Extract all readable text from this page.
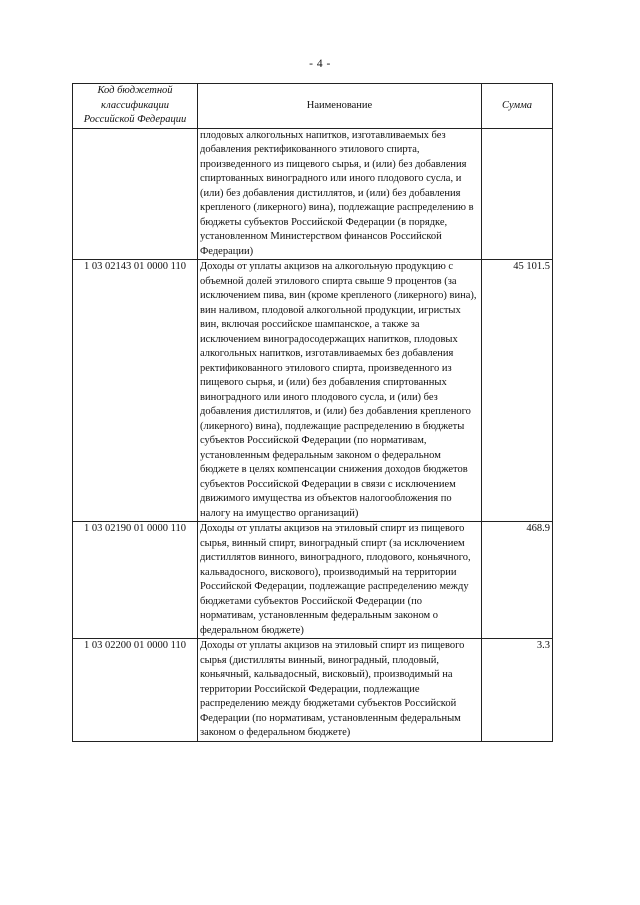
- 4 -
Код бюджетной
классификации
Российской Федерации	Наименование	Сумма
	плодовых алкогольных напитков, изготавливаемых без добавления ректификованного этилового спирта, произведенного из пищевого сырья, и (или) без добавления спиртованных виноградного или иного плодового сусла, и (или) без добавления дистиллятов, и (или) без добавления крепленого (ликерного) вина), подлежащие распределению в бюджеты субъектов Российской Федерации (в порядке, установленном Министерством финансов Российской Федерации)	
1 03 02143 01 0000 110	Доходы от уплаты акцизов на алкогольную продукцию с объемной долей этилового спирта свыше 9 процентов (за исключением пива, вин (кроме крепленого (ликерного) вина), вин наливом, плодовой алкогольной продукции, игристых вин, включая российское шампанское, а также за исключением виноградосодержащих напитков, плодовых алкогольных напитков, изготавливаемых без добавления ректификованного этилового спирта, произведенного из пищевого сырья, и (или) без добавления спиртованных виноградного или иного плодового сусла, и (или) без добавления дистиллятов, и (или) без добавления крепленого (ликерного) вина), подлежащие распределению в бюджеты субъектов Российской Федерации (по нормативам, установленным федеральным законом о федеральном бюджете в целях компенсации снижения доходов бюджетов субъектов Российской Федерации в связи с исключением движимого имущества из объектов налогообложения по налогу на имущество организаций)	45 101.5
1 03 02190 01 0000 110	Доходы от уплаты акцизов на этиловый спирт из пищевого сырья, винный спирт, виноградный спирт (за исключением дистиллятов винного, виноградного, плодового, коньячного, кальвадосного, вискового), производимый на территории Российской Федерации, подлежащие распределению между бюджетами субъектов Российской Федерации (по нормативам, установленным федеральным законом о федеральном бюджете)	468.9
1 03 02200 01 0000 110	Доходы от уплаты акцизов на этиловый спирт из пищевого сырья (дистилляты винный, виноградный, плодовый, коньячный, кальвадосный, висковый), производимый на территории Российской Федерации, подлежащие распределению между бюджетами субъектов Российской Федерации (по нормативам, установленным федеральным законом о федеральном бюджете)	3.3
